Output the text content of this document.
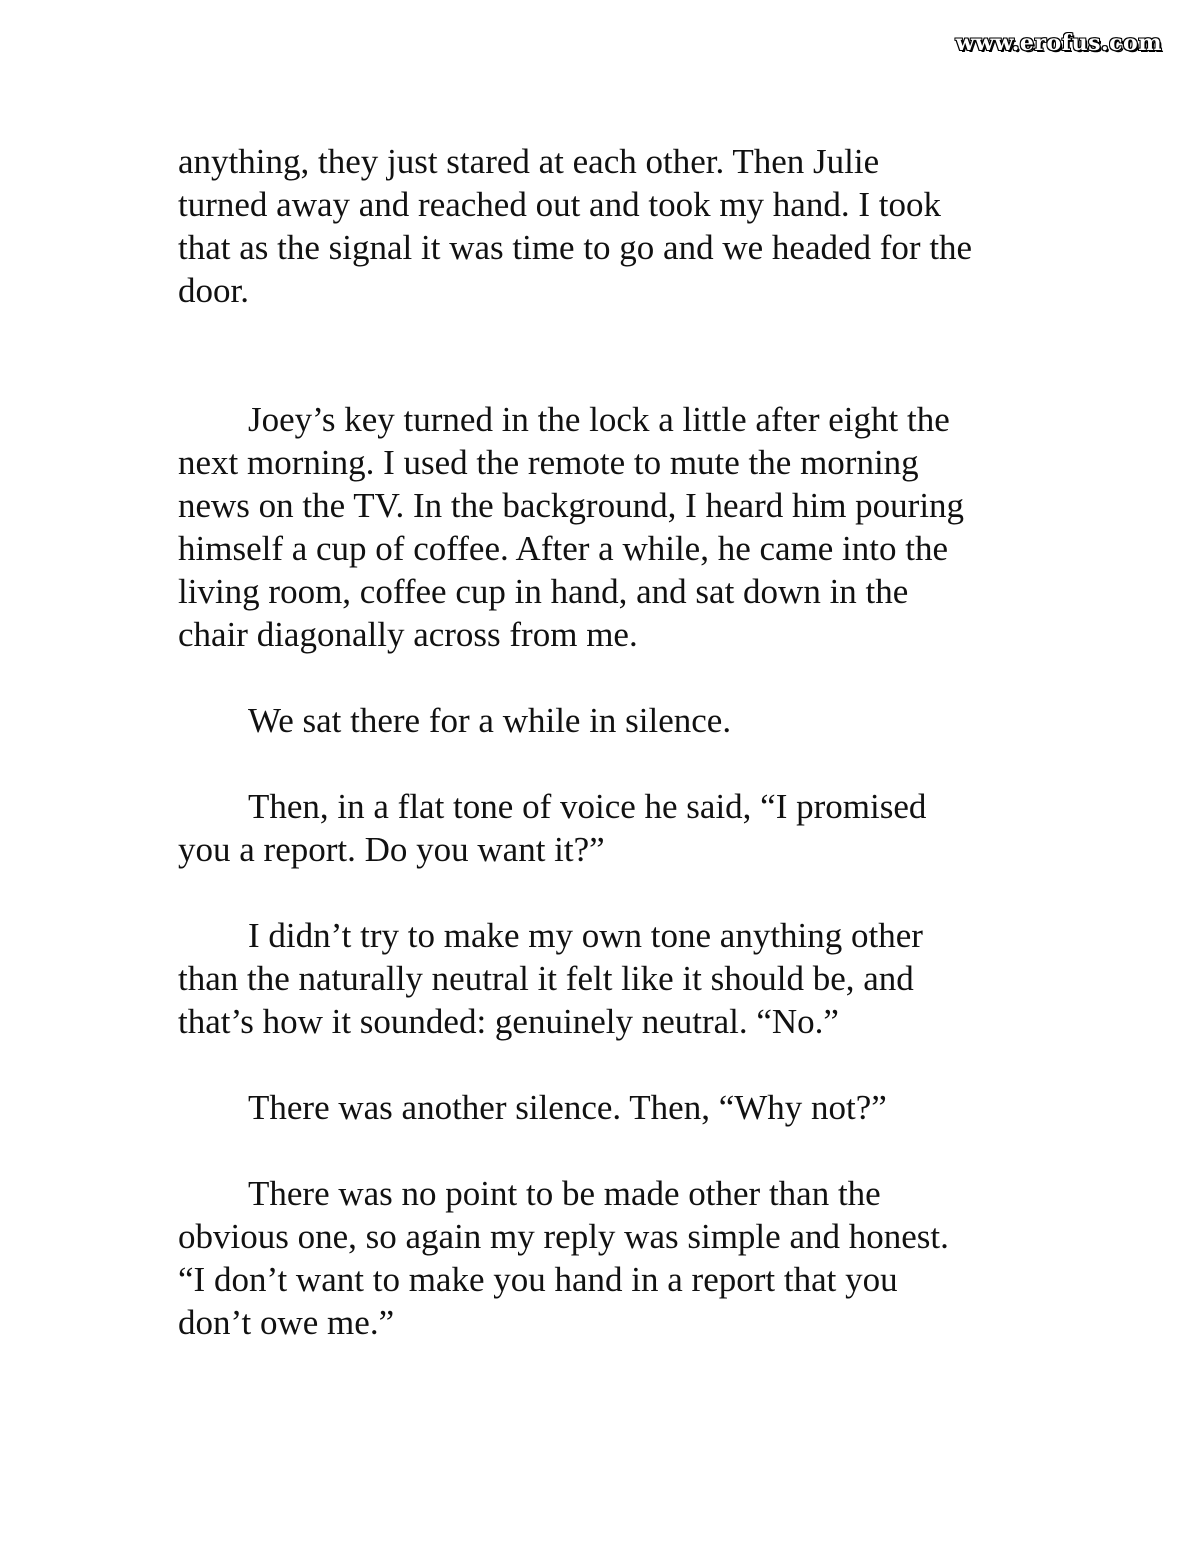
www.erofus.com

anything, they just stared at each other. Then Julie
turned away and reached out and took my hand. I took
that as the signal it was time to go and we headed for the
door.

Joey’s key turned in the lock a little after eight the
next morning. I used the remote to mute the morning
news on the TV. In the background, I heard him pouring
himself a cup of coffee. After a while, he came into the
living room, coffee cup in hand, and sat down in the
chair diagonally across from me.

We sat there for a while in silence.

Then, in a flat tone of voice he said, “I promised
you a report. Do you want it?”

I didn’t try to make my own tone anything other
than the naturally neutral it felt like it should be, and
that’s how it sounded: genuinely neutral. “No.”

There was another silence. Then, “Why not?”

There was no point to be made other than the
obvious one, so again my reply was simple and honest.
“I don’t want to make you hand in a report that you
don’t owe me.”
